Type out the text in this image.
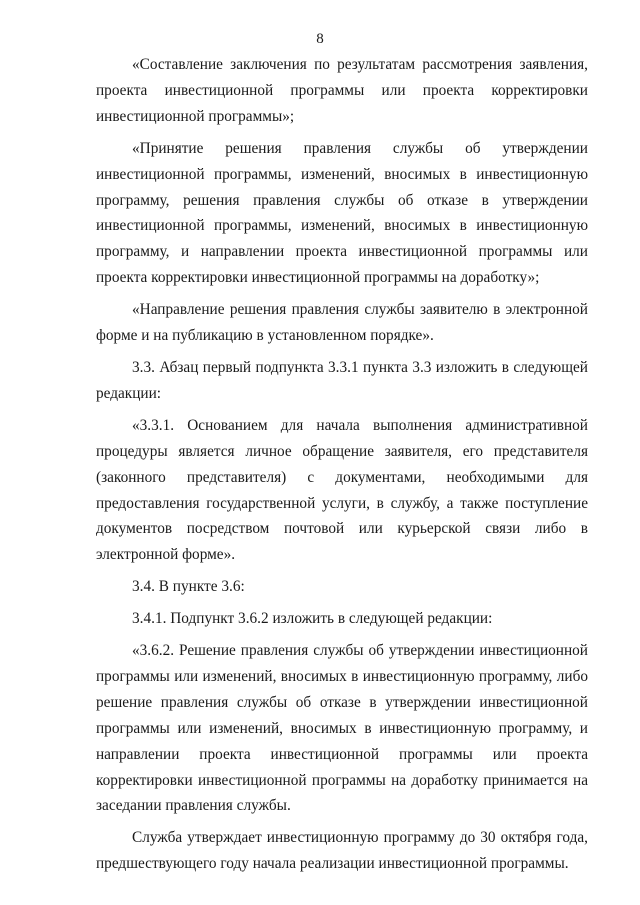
8

«Составление заключения по результатам рассмотрения заявления, проекта инвестиционной программы или проекта корректировки инвестиционной программы»;

«Принятие решения правления службы об утверждении инвестиционной программы, изменений, вносимых в инвестиционную программу, решения правления службы об отказе в утверждении инвестиционной программы, изменений, вносимых в инвестиционную программу, и направлении проекта инвестиционной программы или проекта корректировки инвестиционной программы на доработку»;

«Направление решения правления службы заявителю в электронной форме и на публикацию в установленном порядке».

3.3. Абзац первый подпункта 3.3.1 пункта 3.3 изложить в следующей редакции:

«3.3.1. Основанием для начала выполнения административной процедуры является личное обращение заявителя, его представителя (законного представителя) с документами, необходимыми для предоставления государственной услуги, в службу, а также поступление документов посредством почтовой или курьерской связи либо в электронной форме».

3.4. В пункте 3.6:

3.4.1. Подпункт 3.6.2 изложить в следующей редакции:

«3.6.2. Решение правления службы об утверждении инвестиционной программы или изменений, вносимых в инвестиционную программу, либо решение правления службы об отказе в утверждении инвестиционной программы или изменений, вносимых в инвестиционную программу, и направлении проекта инвестиционной программы или проекта корректировки инвестиционной программы на доработку принимается на заседании правления службы.

Служба утверждает инвестиционную программу до 30 октября года, предшествующего году начала реализации инвестиционной программы.
